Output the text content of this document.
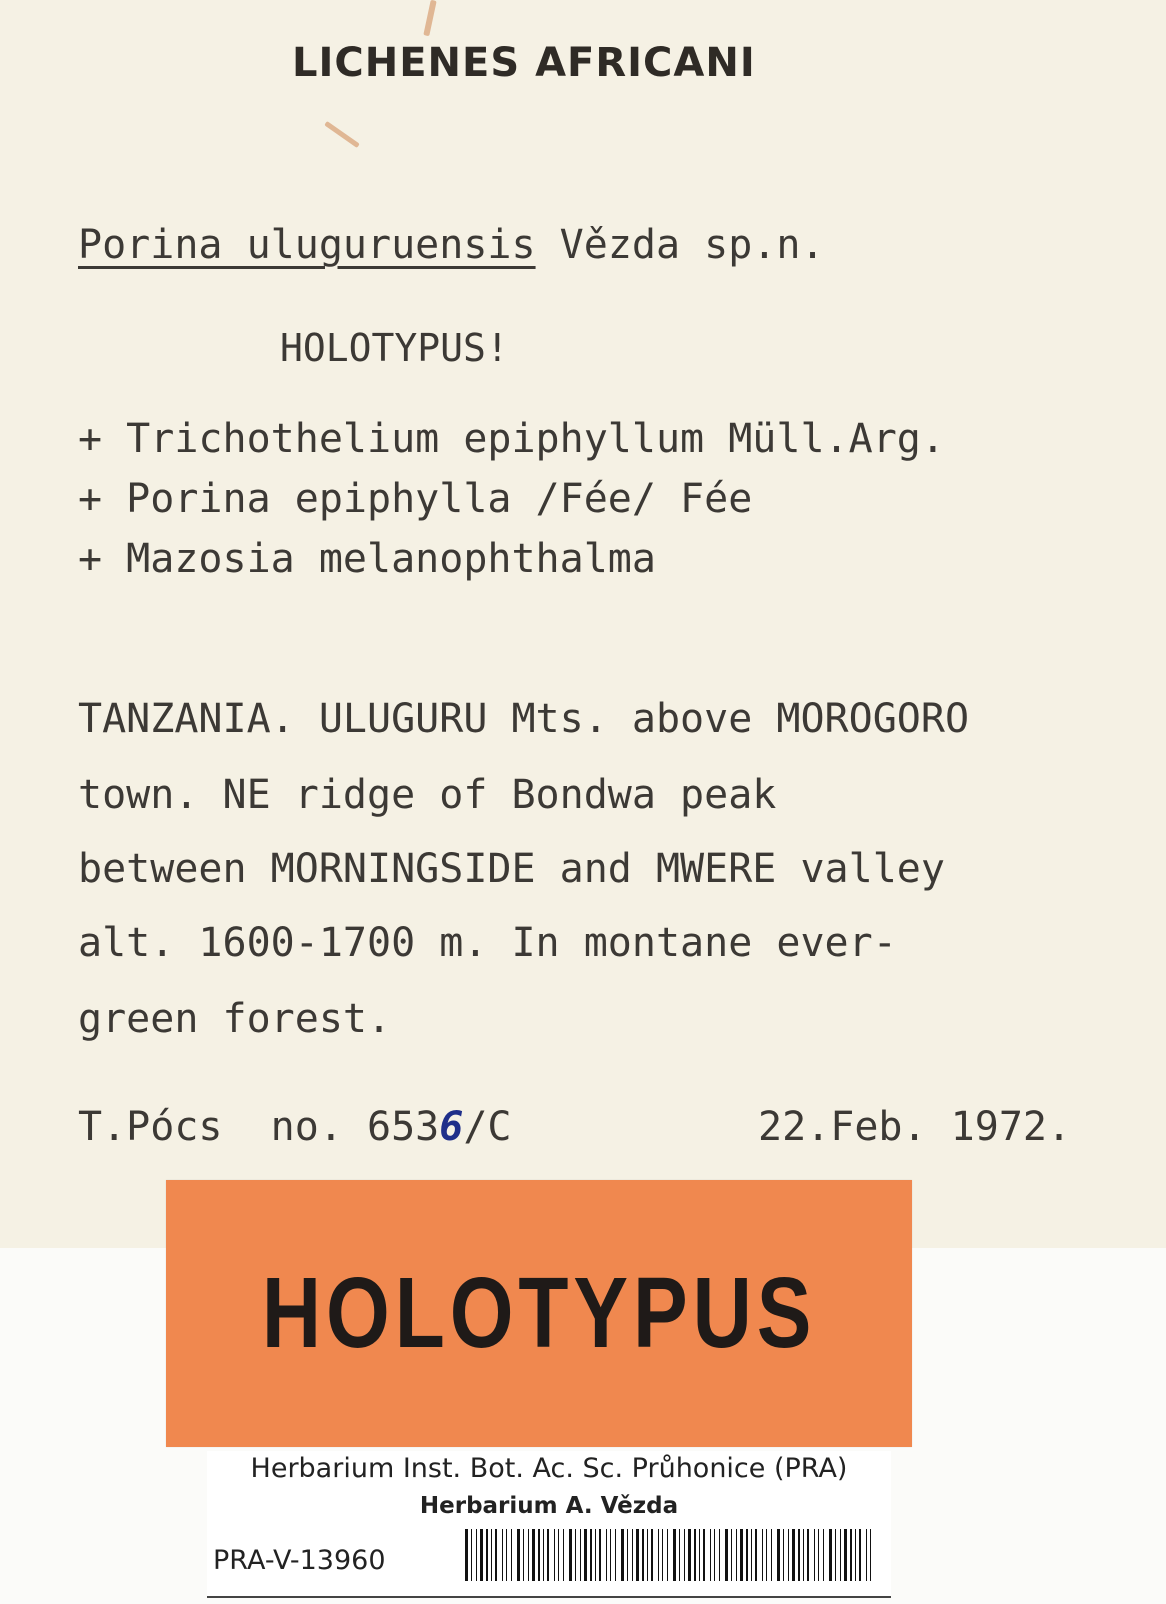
LICHENES AFRICANI
Porina uluguruensis Vězda sp.n.
HOLOTYPUS!
+ Trichothelium epiphyllum Müll.Arg.
+ Porina epiphylla /Fée/ Fée
+ Mazosia melanophthalma
TANZANIA. ULUGURU Mts. above MOROGORO
town. NE ridge of Bondwa peak
between MORNINGSIDE and MWERE valley
alt. 1600-1700 m. In montane ever-
green forest.
T.Pócs no. 6536/C	22.Feb. 1972.
HOLOTYPUS
Herbarium Inst. Bot. Ac. Sc. Průhonice (PRA)
Herbarium A. Vězda
PRA-V-13960
